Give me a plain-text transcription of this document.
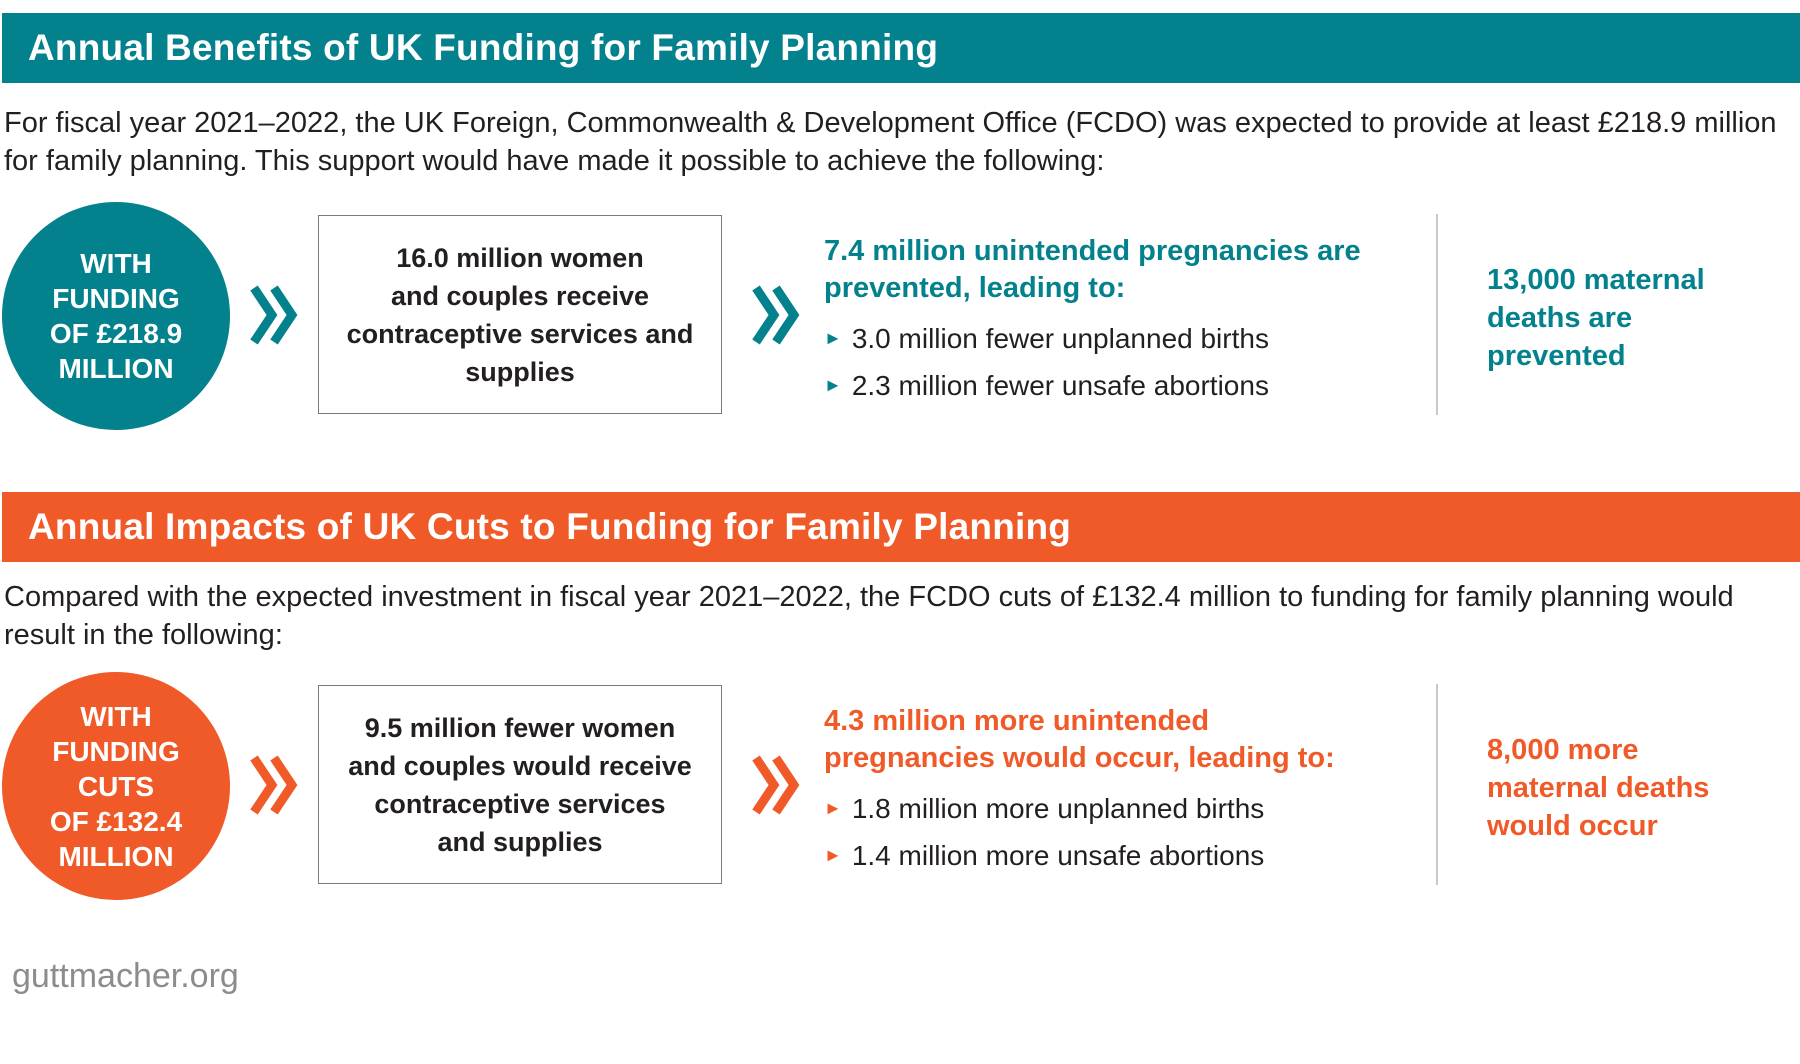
Annual Benefits of UK Funding for Family Planning

For fiscal year 2021–2022, the UK Foreign, Commonwealth & Development Office (FCDO) was expected to provide at least £218.9 million for family planning. This support would have made it possible to achieve the following:

WITH
FUNDING
OF £218.9
MILLION
16.0 million women
and couples receive
contraceptive services and
supplies

7.4 million unintended pregnancies are
prevented, leading to:

► 3.0 million fewer unplanned births
► 2.3 million fewer unsafe abortions
13,000 maternal
deaths are
prevented
Annual Impacts of UK Cuts to Funding for Family Planning

Compared with the expected investment in fiscal year 2021–2022, the FCDO cuts of £132.4 million to funding for family planning would result in the following:

WITH
FUNDING
CUTS
OF £132.4
MILLION
9.5 million fewer women
and couples would receive
contraceptive services
and supplies

4.3 million more unintended
pregnancies would occur, leading to:

► 1.8 million more unplanned births
► 1.4 million more unsafe abortions
8,000 more
maternal deaths
would occur

guttmacher.org
